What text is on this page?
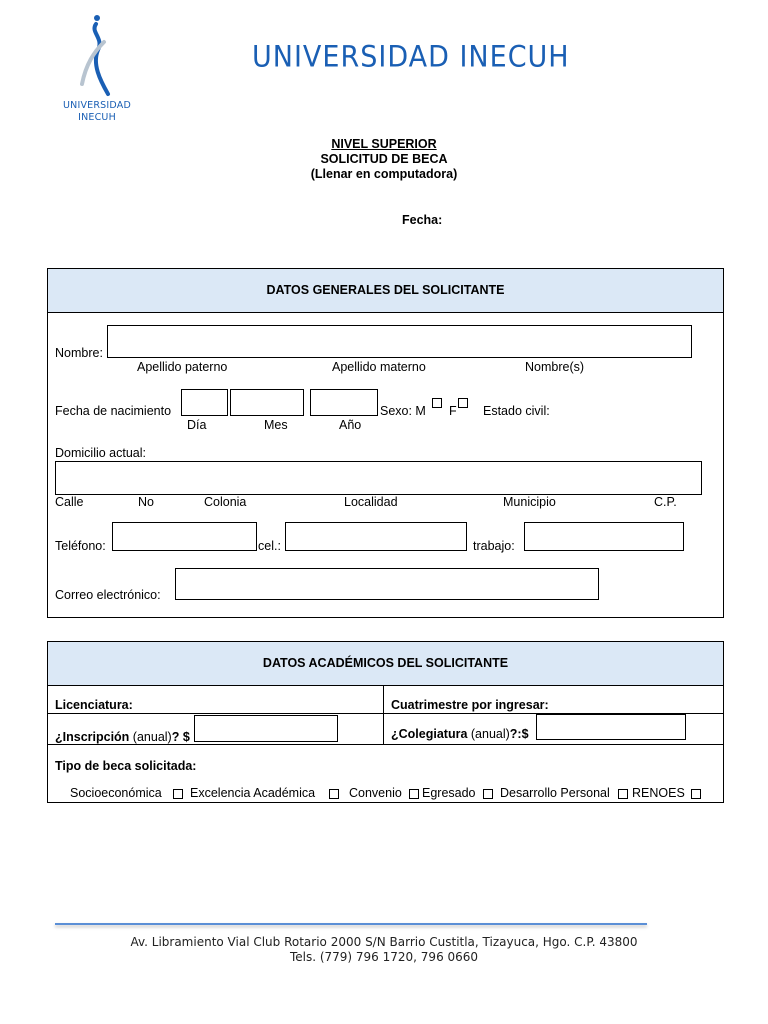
UNIVERSIDAD
INECUH
UNIVERSIDAD INECUH
NIVEL SUPERIOR
SOLICITUD DE BECA
(Llenar en computadora)
Fecha:
DATOS GENERALES DEL SOLICITANTE
Nombre:
Apellido paterno	Apellido materno	Nombre(s)
Fecha de nacimiento
Día	Mes	Año
Sexo: M F Estado civil:
Domicilio actual:
Calle	No	Colonia	Localidad	Municipio	C.P.
Teléfono:	cel.:	trabajo:
Correo electrónico:
DATOS ACADÉMICOS DEL SOLICITANTE
Licenciatura:	Cuatrimestre por ingresar:
¿Inscripción (anual)? $	¿Colegiatura (anual)?:$
Tipo de beca solicitada:
Socioeconómica Excelencia Académica	Convenio Egresado Desarrollo Personal RENOES
Av. Libramiento Vial Club Rotario 2000 S/N Barrio Custitla, Tizayuca, Hgo. C.P. 43800
Tels. (779) 796 1720, 796 0660
